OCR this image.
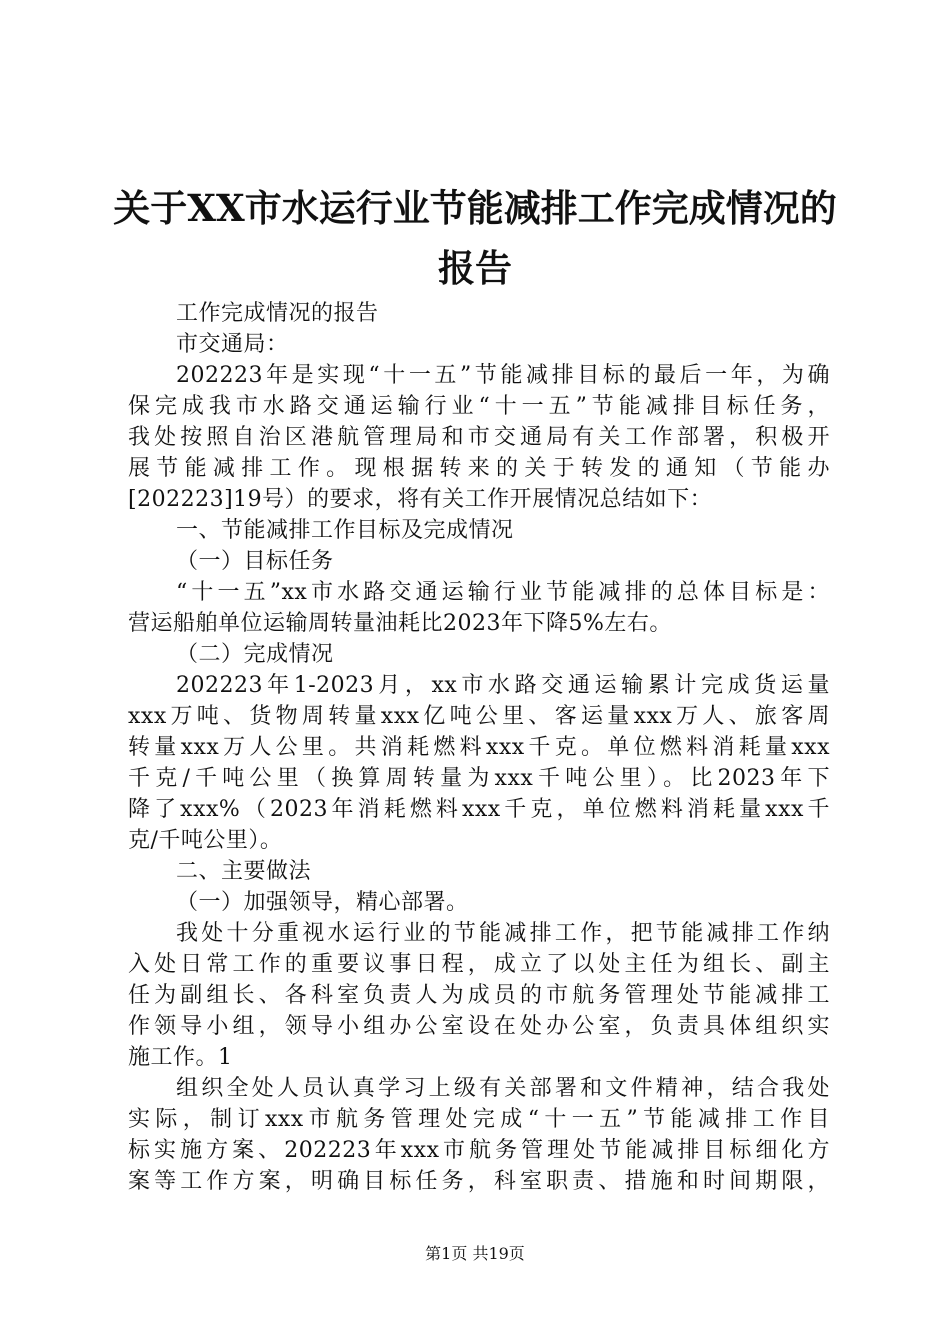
关于XX市水运行业节能减排工作完成情况的
报告
工作完成情况的报告
市交通局：
202223年是实现“十一五”节能减排目标的最后一年，为确
保完成我市水路交通运输行业“十一五”节能减排目标任务，
我处按照自治区港航管理局和市交通局有关工作部署，积极开
展节能减排工作。现根据转来的关于转发的通知（节能办
[202223]19号）的要求，将有关工作开展情况总结如下：
一、节能减排工作目标及完成情况
（一）目标任务
“十一五”xx市水路交通运输行业节能减排的总体目标是：
营运船舶单位运输周转量油耗比2023年下降5%左右。
（二）完成情况
202223年1-2023月，xx市水路交通运输累计完成货运量
xxx万吨、货物周转量xxx亿吨公里、客运量xxx万人、旅客周
转量xxx万人公里。共消耗燃料xxx千克。单位燃料消耗量xxx
千克/千吨公里（换算周转量为xxx千吨公里）。比2023年下
降了xxx%（2023年消耗燃料xxx千克，单位燃料消耗量xxx千
克/千吨公里）。
二、主要做法
（一）加强领导，精心部署。
我处十分重视水运行业的节能减排工作，把节能减排工作纳
入处日常工作的重要议事日程，成立了以处主任为组长、副主
任为副组长、各科室负责人为成员的市航务管理处节能减排工
作领导小组，领导小组办公室设在处办公室，负责具体组织实
施工作。1
组织全处人员认真学习上级有关部署和文件精神，结合我处
实际，制订xxx市航务管理处完成“十一五”节能减排工作目
标实施方案、202223年xxx市航务管理处节能减排目标细化方
案等工作方案，明确目标任务，科室职责、措施和时间期限，
第1页 共19页
